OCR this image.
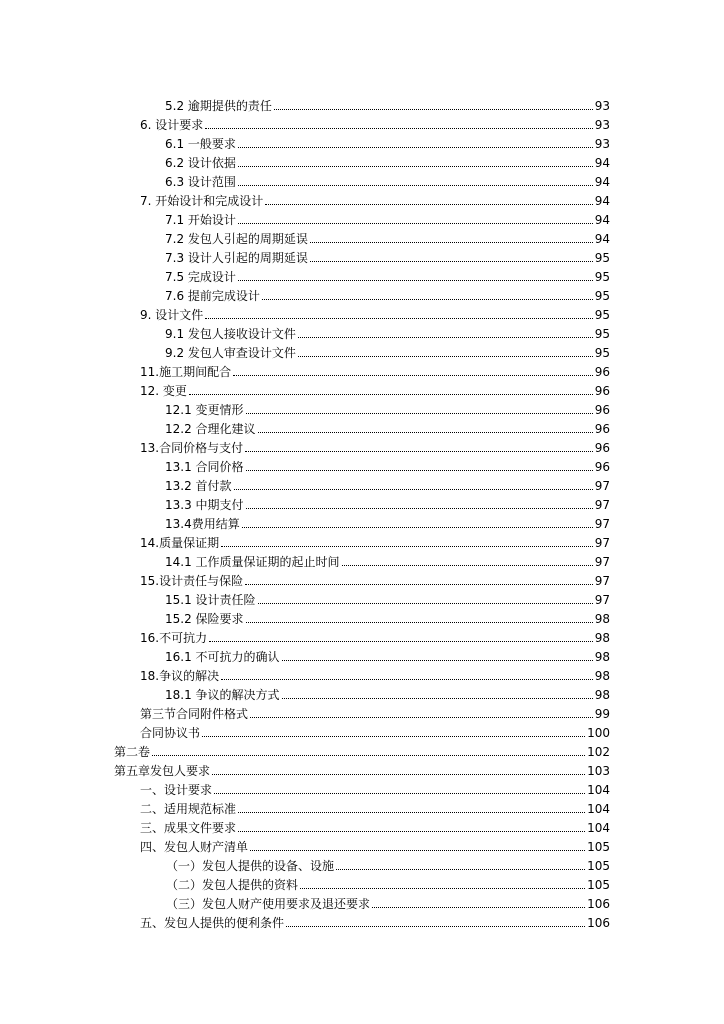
5.2 逾期提供的责任	93
6. 设计要求	93
6.1 一般要求	93
6.2 设计依据	94
6.3 设计范围	94
7. 开始设计和完成设计	94
7.1 开始设计	94
7.2 发包人引起的周期延误	94
7.3 设计人引起的周期延误	95
7.5 完成设计	95
7.6 提前完成设计	95
9. 设计文件	95
9.1 发包人接收设计文件	95
9.2 发包人审查设计文件	95
11.施工期间配合	96
12. 变更	96
12.1 变更情形	96
12.2 合理化建议	96
13.合同价格与支付	96
13.1 合同价格	96
13.2 首付款	97
13.3 中期支付	97
13.4费用结算	97
14.质量保证期	97
14.1 工作质量保证期的起止时间	97
15.设计责任与保险	97
15.1 设计责任险	97
15.2 保险要求	98
16.不可抗力	98
16.1 不可抗力的确认	98
18.争议的解决	98
18.1 争议的解决方式	98
第三节合同附件格式	99
合同协议书	100
第二卷	102
第五章发包人要求	103
一、设计要求	104
二、适用规范标准	104
三、成果文件要求	104
四、发包人财产清单	105
（一）发包人提供的设备、设施	105
（二）发包人提供的资料	105
（三）发包人财产使用要求及退还要求	106
五、发包人提供的便利条件	106
